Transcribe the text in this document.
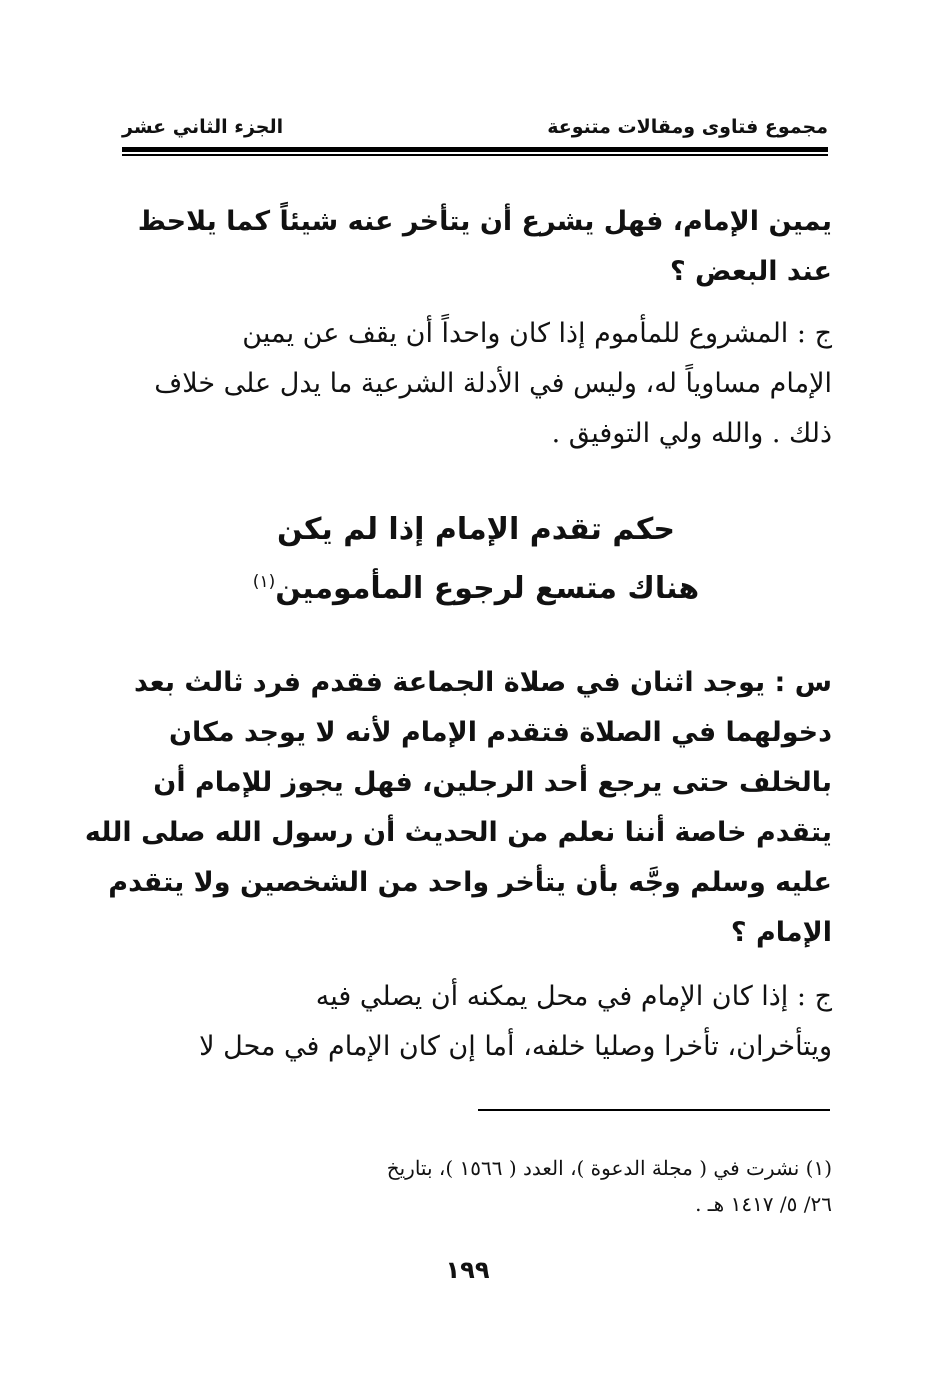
مجموع فتاوى ومقالات متنوعة
الجزء الثاني عشر
يمين الإمام، فهل يشرع أن يتأخر عنه شيئاً كما يلاحظ
عند البعض ؟
ج : المشروع للمأموم إذا كان واحداً أن يقف عن يمين
الإمام مساوياً له، وليس في الأدلة الشرعية ما يدل على خلاف
ذلك . والله ولي التوفيق .
حكم تقدم الإمام إذا لم يكن
هناك متسع لرجوع المأمومين$^{(١)}$
س : يوجد اثنان في صلاة الجماعة فقدم فرد ثالث بعد
دخولهما في الصلاة فتقدم الإمام لأنه لا يوجد مكان
بالخلف حتى يرجع أحد الرجلين، فهل يجوز للإمام أن
يتقدم خاصة أننا نعلم من الحديث أن رسول الله صلى الله
عليه وسلم وجَّه بأن يتأخر واحد من الشخصين ولا يتقدم
الإمام ؟
ج : إذا كان الإمام في محل يمكنه أن يصلي فيه
ويتأخران، تأخرا وصليا خلفه، أما إن كان الإمام في محل لا
(١) نشرت في ( مجلة الدعوة )، العدد ( ١٥٦٦ )، بتاريخ
٢٦/ ٥/ ١٤١٧ هـ .
١٩٩
